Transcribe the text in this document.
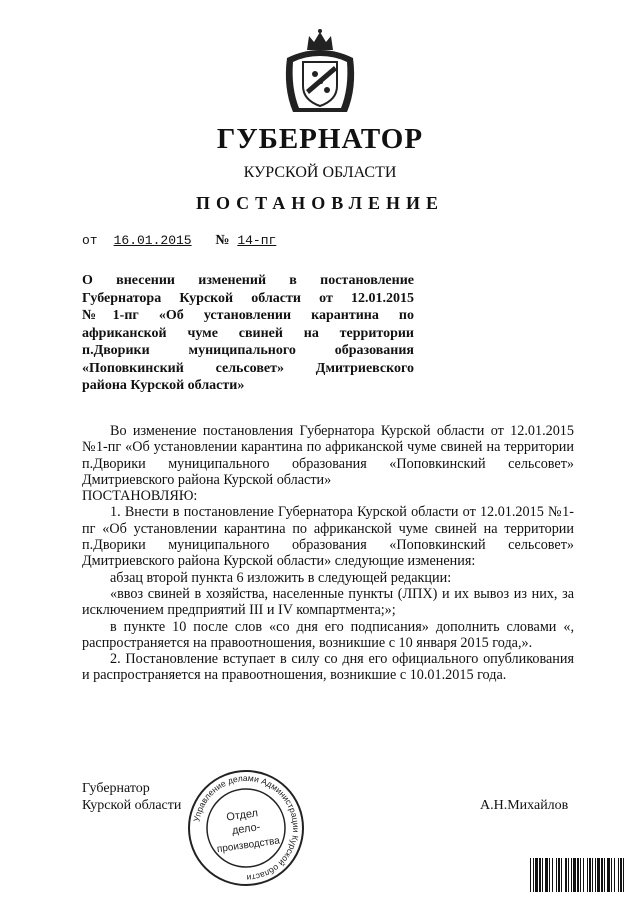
ГУБЕРНАТОР
КУРСКОЙ ОБЛАСТИ
ПОСТАНОВЛЕНИЕ
от 16.01.2015 № 14-пг
О внесении изменений в постановление
Губернатора Курской области от 12.01.2015
№1-пг «Об установлении карантина по
африканской чуме свиней на территории
п.Дворики муниципального образования
«Поповкинский сельсовет» Дмитриевского
района Курской области»

Во изменение постановления Губернатора Курской области от 12.01.2015 №1-пг «Об установлении карантина по африканской чуме свиней на территории п.Дворики муниципального образования «Поповкинский сельсовет» Дмитриевского района Курской области»

ПОСТАНОВЛЯЮ:

1. Внести в постановление Губернатора Курской области от 12.01.2015 №1-пг «Об установлении карантина по африканской чуме свиней на территории п.Дворики муниципального образования «Поповкинский сельсовет» Дмитриевского района Курской области» следующие изменения:

абзац второй пункта 6 изложить в следующей редакции:

«ввоз свиней в хозяйства, населенные пункты (ЛПХ) и их вывоз из них, за исключением предприятий III и IV компартмента;»;

в пункте 10 после слов «со дня его подписания» дополнить словами «, распространяется на правоотношения, возникшие с 10 января 2015 года,».

2. Постановление вступает в силу со дня его официального опубликования и распространяется на правоотношения, возникшие с 10.01.2015 года.

Губернатор
Курской области	А.Н.Михайлов
Управление делами Администрации Курской области
Отдел
дело-
производства
